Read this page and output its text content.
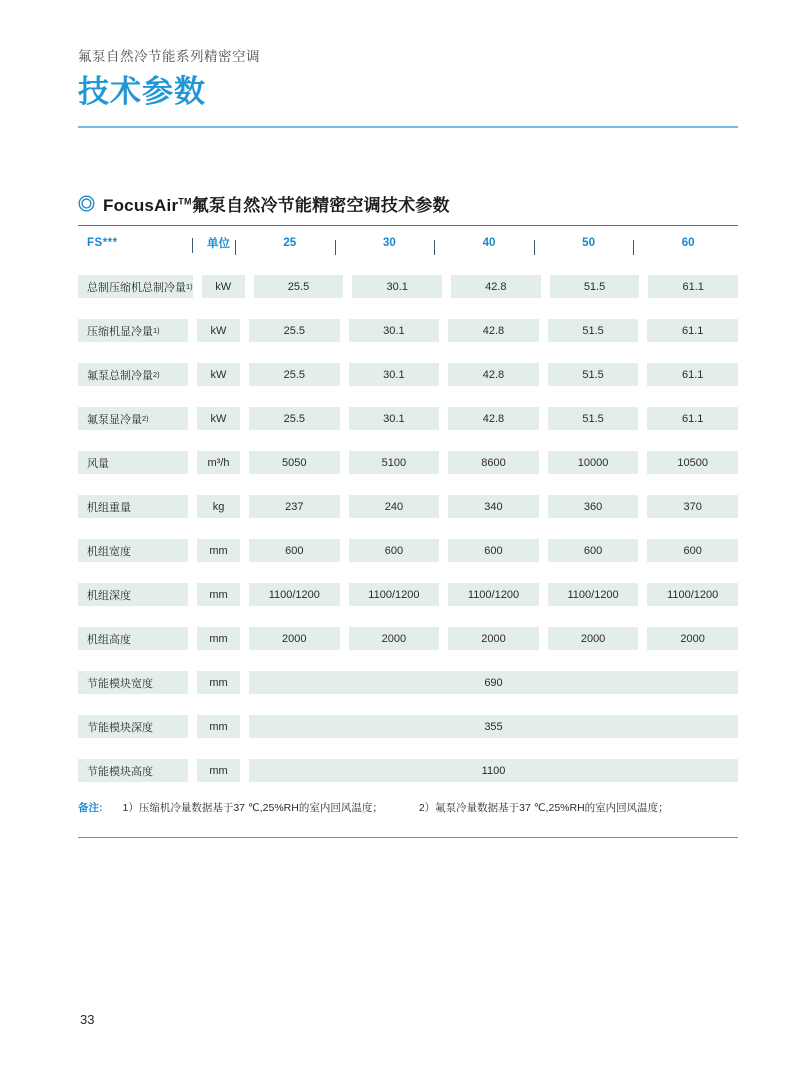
氟泵自然冷节能系列精密空调
技术参数
FocusAir™氟泵自然冷节能精密空调技术参数
FS***	单位	25	30	40	50	60
总制压缩机总制冷量 1)	kW	25.5	30.1	42.8	51.5	61.1
压缩机显冷量 1)	kW	25.5	30.1	42.8	51.5	61.1
氟泵总制冷量 2)	kW	25.5	30.1	42.8	51.5	61.1
氟泵显冷量 2)	kW	25.5	30.1	42.8	51.5	61.1
风量	m³/h	5050	5100	8600	10000	10500
机组重量	kg	237	240	340	360	370
机组宽度	mm	600	600	600	600	600
机组深度	mm	1100/1200	1100/1200	1100/1200	1100/1200	1100/1200
机组高度	mm	2000	2000	2000	2000	2000
节能模块宽度	mm	690
节能模块深度	mm	355
节能模块高度	mm	1100
备注: 1）压缩机冷量数据基于37 ℃,25%RH的室内回风温度；	2）氟泵冷量数据基于37 ℃,25%RH的室内回风温度；
33
